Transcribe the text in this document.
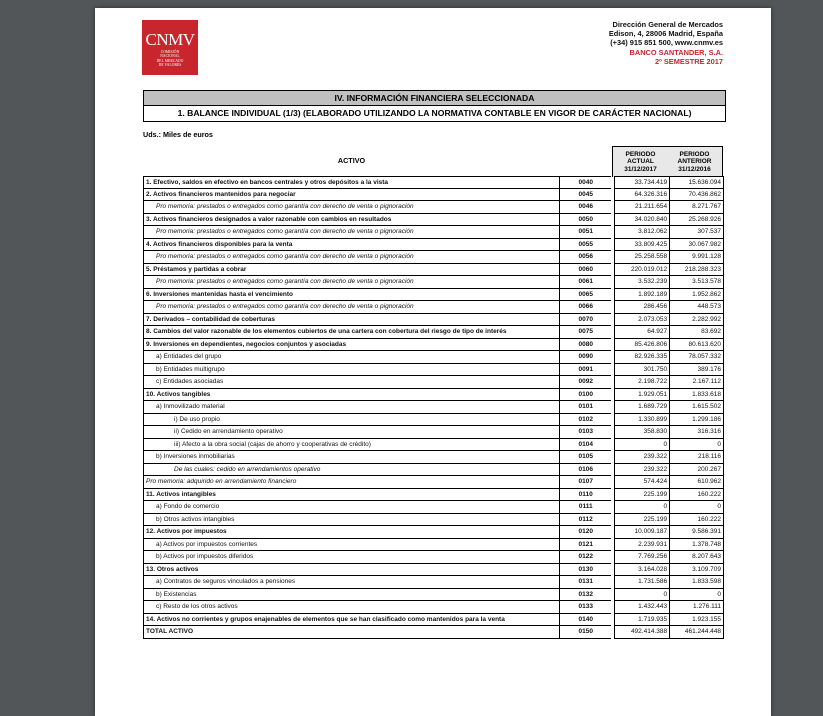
CNMV
COMISIÓN
NACIONAL
DEL MERCADO
DE VALORES
Dirección General de Mercados
Edison, 4, 28006 Madrid, España
(+34) 915 851 500, www.cnmv.es
BANCO SANTANDER, S.A.
2º SEMESTRE 2017
IV. INFORMACIÓN FINANCIERA SELECCIONADA
1. BALANCE INDIVIDUAL (1/3) (ELABORADO UTILIZANDO LA NORMATIVA CONTABLE EN VIGOR DE CARÁCTER NACIONAL)
Uds.: Miles de euros
ACTIVO
PERIODO
ACTUAL
31/12/2017
PERIODO
ANTERIOR
31/12/2016
1. Efectivo, saldos en efectivo en bancos centrales y otros depósitos a la vista	0040	33.734.419	15.636.094
2. Activos financieros mantenidos para negociar	0045	64.326.316	70.436.862
Pro memoria: prestados o entregados como garantía con derecho de venta o pignoración	0046	21.211.654	8.271.767
3. Activos financieros designados a valor razonable con cambios en resultados	0050	34.020.840	25.268.926
Pro memoria: prestados o entregados como garantía con derecho de venta o pignoración	0051	3.812.062	307.537
4. Activos financieros disponibles para la venta	0055	33.809.425	30.067.982
Pro memoria: prestados o entregados como garantía con derecho de venta o pignoración	0056	25.258.558	9.991.128
5. Préstamos y partidas a cobrar	0060	220.019.012	218.288.323
Pro memoria: prestados o entregados como garantía con derecho de venta o pignoración	0061	3.532.239	3.513.578
6. Inversiones mantenidas hasta el vencimiento	0065	1.892.189	1.952.862
Pro memoria: prestados o entregados como garantía con derecho de venta o pignoración	0066	286.456	448.573
7. Derivados – contabilidad de coberturas	0070	2.073.053	2.282.992
8. Cambios del valor razonable de los elementos cubiertos de una cartera con cobertura del riesgo de tipo de interés	0075	64.927	83.692
9. Inversiones en dependientes, negocios conjuntos y asociadas	0080	85.426.806	80.613.620
a) Entidades del grupo	0090	82.926.335	78.057.332
b) Entidades multigrupo	0091	301.750	389.176
c) Entidades asociadas	0092	2.198.722	2.167.112
10. Activos tangibles	0100	1.929.051	1.833.618
a) Inmovilizado material	0101	1.689.729	1.615.502
i) De uso propio	0102	1.330.899	1.299.186
ii) Cedido en arrendamiento operativo	0103	358.830	316.316
iii) Afecto a la obra social (cajas de ahorro y cooperativas de crédito)	0104	0	0
b) Inversiones inmobiliarias	0105	239.322	218.116
De las cuales: cedido en arrendamientos operativo	0106	239.322	200.267
Pro memoria: adquirido en arrendamiento financiero	0107	574.424	610.962
11. Activos intangibles	0110	225.199	160.222
a) Fondo de comercio	0111	0	0
b) Otros activos intangibles	0112	225.199	160.222
12. Activos por impuestos	0120	10.009.187	9.586.391
a) Activos por impuestos corrientes	0121	2.239.931	1.378.748
b) Activos por impuestos diferidos	0122	7.769.256	8.207.643
13. Otros activos	0130	3.164.028	3.109.709
a) Contratos de seguros vinculados a pensiones	0131	1.731.586	1.833.598
b) Existencias	0132	0	0
c) Resto de los otros activos	0133	1.432.443	1.276.111
14. Activos no corrientes y grupos enajenables de elementos que se han clasificado como mantenidos para la venta	0140	1.719.935	1.923.155
TOTAL ACTIVO	0150	492.414.388	461.244.448
